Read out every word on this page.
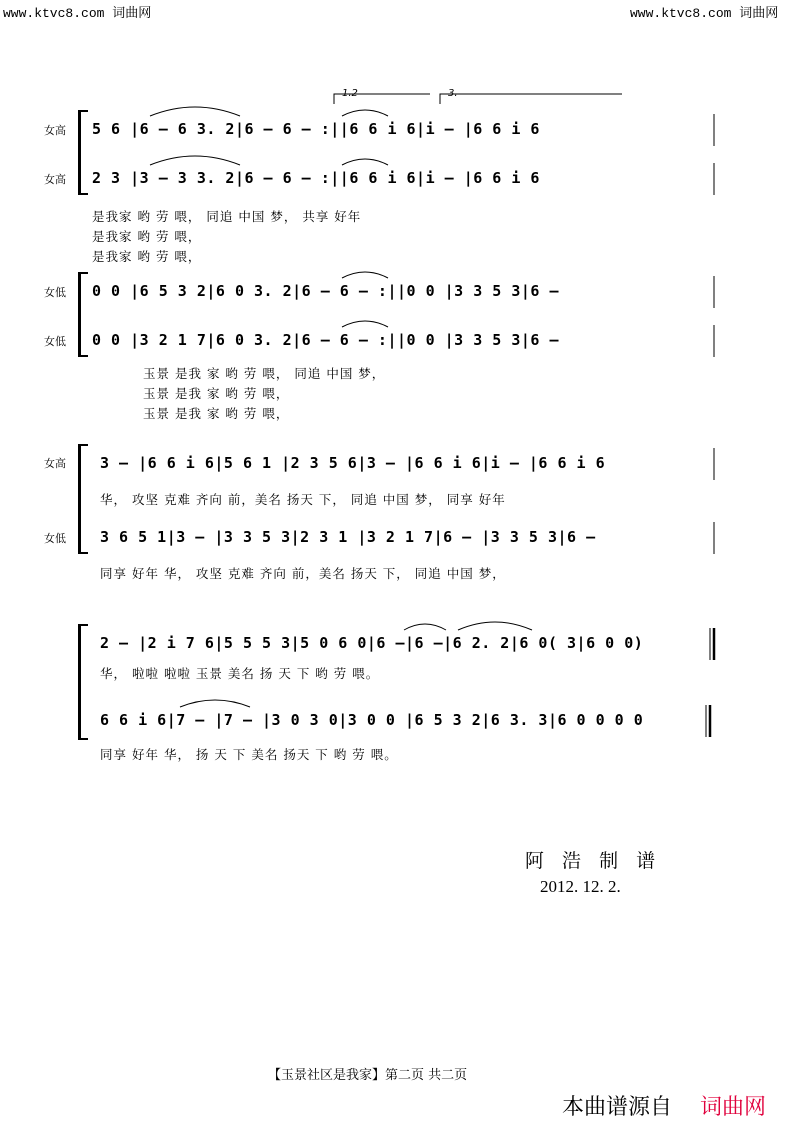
www.ktvc8.com 词曲网	www.ktvc8.com 词曲网
女高
女高
女低
女低
1.2	3.
5 6 |6 – 6 3. 2|6 – 6 – :||6 6 i 6|i – |6 6 i 6
2 3 |3 – 3 3. 2|6 – 6 – :||6 6 i 6|i – |6 6 i 6
是我家 哟 劳 喂， 同追 中国 梦， 共享 好年
是我家 哟 劳 喂，
是我家 哟 劳 喂，
0 0 |6 5 3 2|6 0 3. 2|6 – 6 – :||0 0 |3 3 5 3|6 –
0 0 |3 2 1 7|6 0 3. 2|6 – 6 – :||0 0 |3 3 5 3|6 –
玉景 是我 家 哟 劳 喂， 同追 中国 梦，
玉景 是我 家 哟 劳 喂，
玉景 是我 家 哟 劳 喂，
女高
女低
3 – |6 6 i 6|5 6 1 |2 3 5 6|3 – |6 6 i 6|i – |6 6 i 6
华， 攻坚 克难 齐向 前，美名 扬天 下， 同追 中国 梦， 同享 好年
3 6 5 1|3 – |3 3 5 3|2 3 1 |3 2 1 7|6 – |3 3 5 3|6 –
同享 好年 华， 攻坚 克难 齐向 前，美名 扬天 下， 同追 中国 梦，
2 – |2 i 7 6|5 5 5 3|5 0 6 0|6 –|6 –|6 2. 2|6 0( 3|6 0 0)
华， 啦啦 啦啦 玉景 美名 扬 天 下 哟 劳 喂。
6 6 i 6|7 – |7 – |3 0 3 0|3 0 0 |6 5 3 2|6 3. 3|6 0 0 0 0
同享 好年 华， 扬 天 下 美名 扬天 下 哟 劳 喂。
阿 浩 制 谱
2012. 12. 2.
【玉景社区是我家】第二页 共二页
本曲谱源自 词曲网
